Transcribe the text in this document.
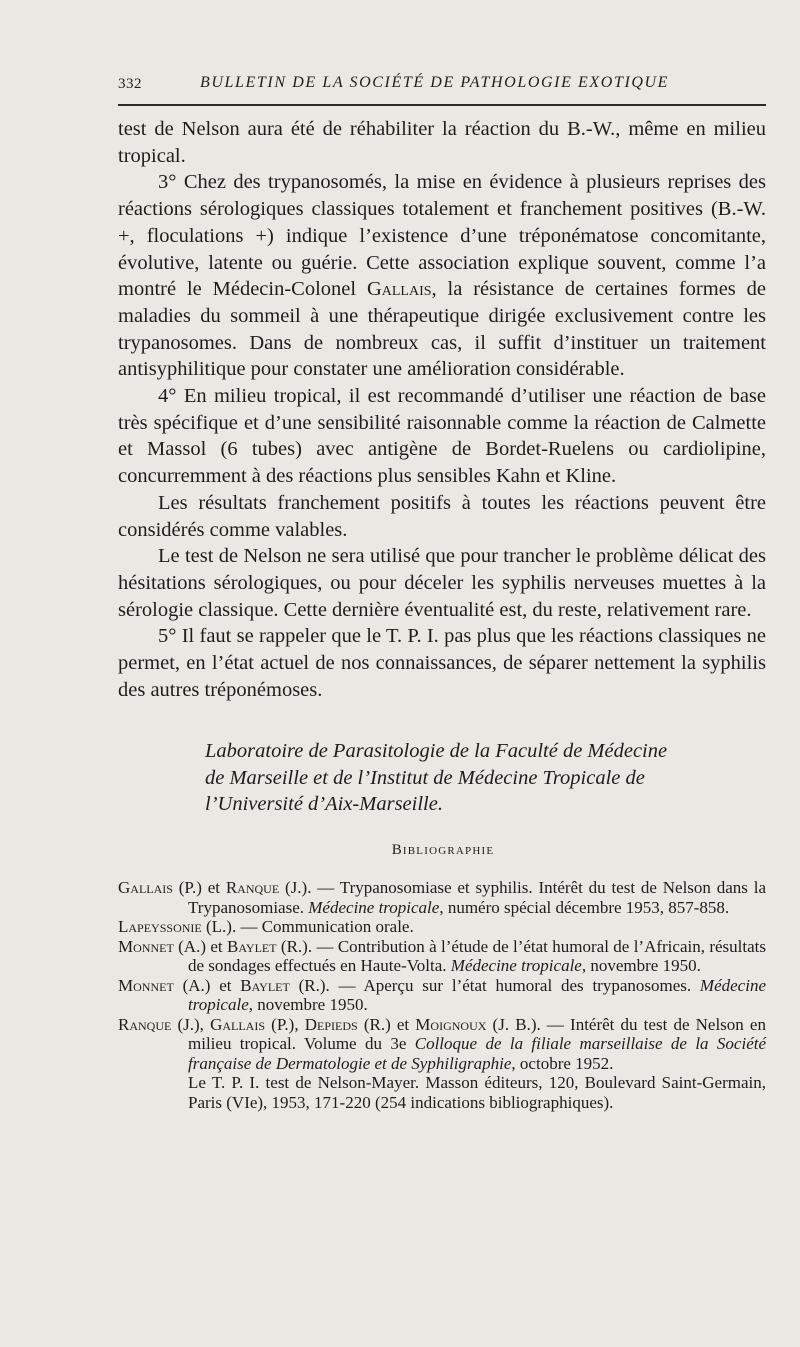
332	BULLETIN DE LA SOCIÉTÉ DE PATHOLOGIE EXOTIQUE

test de Nelson aura été de réhabiliter la réaction du B.-W., même en milieu tropical.

3° Chez des trypanosomés, la mise en évidence à plusieurs reprises des réactions sérologiques classiques totalement et franchement positives (B.-W. +, floculations +) indique l’existence d’une tréponématose concomitante, évolutive, latente ou guérie. Cette association explique souvent, comme l’a montré le Médecin-Colonel Gallais, la résistance de certaines formes de maladies du sommeil à une thérapeutique dirigée exclusivement contre les trypanosomes. Dans de nombreux cas, il suffit d’instituer un traitement antisyphilitique pour constater une amélioration considérable.

4° En milieu tropical, il est recommandé d’utiliser une réaction de base très spécifique et d’une sensibilité raisonnable comme la réaction de Calmette et Massol (6 tubes) avec antigène de Bordet-Ruelens ou cardiolipine, concurremment à des réactions plus sensibles Kahn et Kline.

Les résultats franchement positifs à toutes les réactions peuvent être considérés comme valables.

Le test de Nelson ne sera utilisé que pour trancher le problème délicat des hésitations sérologiques, ou pour déceler les syphilis nerveuses muettes à la sérologie classique. Cette dernière éventualité est, du reste, relativement rare.

5° Il faut se rappeler que le T. P. I. pas plus que les réactions classiques ne permet, en l’état actuel de nos connaissances, de séparer nettement la syphilis des autres tréponémoses.

Laboratoire de Parasitologie de la Faculté de Médecine
de Marseille et de l’Institut de Médecine Tropicale de
l’Université d’Aix-Marseille.
Bibliographie

Gallais (P.) et Ranque (J.). — Trypanosomiase et syphilis. Intérêt du test de Nelson dans la Trypanosomiase. Médecine tropicale, numéro spécial décembre 1953, 857-858.

Lapeyssonie (L.). — Communication orale.

Monnet (A.) et Baylet (R.). — Contribution à l’étude de l’état humoral de l’Africain, résultats de sondages effectués en Haute-Volta. Médecine tropicale, novembre 1950.

Monnet (A.) et Baylet (R.). — Aperçu sur l’état humoral des trypanosomes. Médecine tropicale, novembre 1950.

Ranque (J.), Gallais (P.), Depieds (R.) et Moignoux (J. B.). — Intérêt du test de Nelson en milieu tropical. Volume du 3e Colloque de la filiale marseillaise de la Société française de Dermatologie et de Syphiligraphie, octobre 1952.

Le T. P. I. test de Nelson-Mayer. Masson éditeurs, 120, Boulevard Saint-Germain, Paris (VIe), 1953, 171-220 (254 indications bibliographiques).
